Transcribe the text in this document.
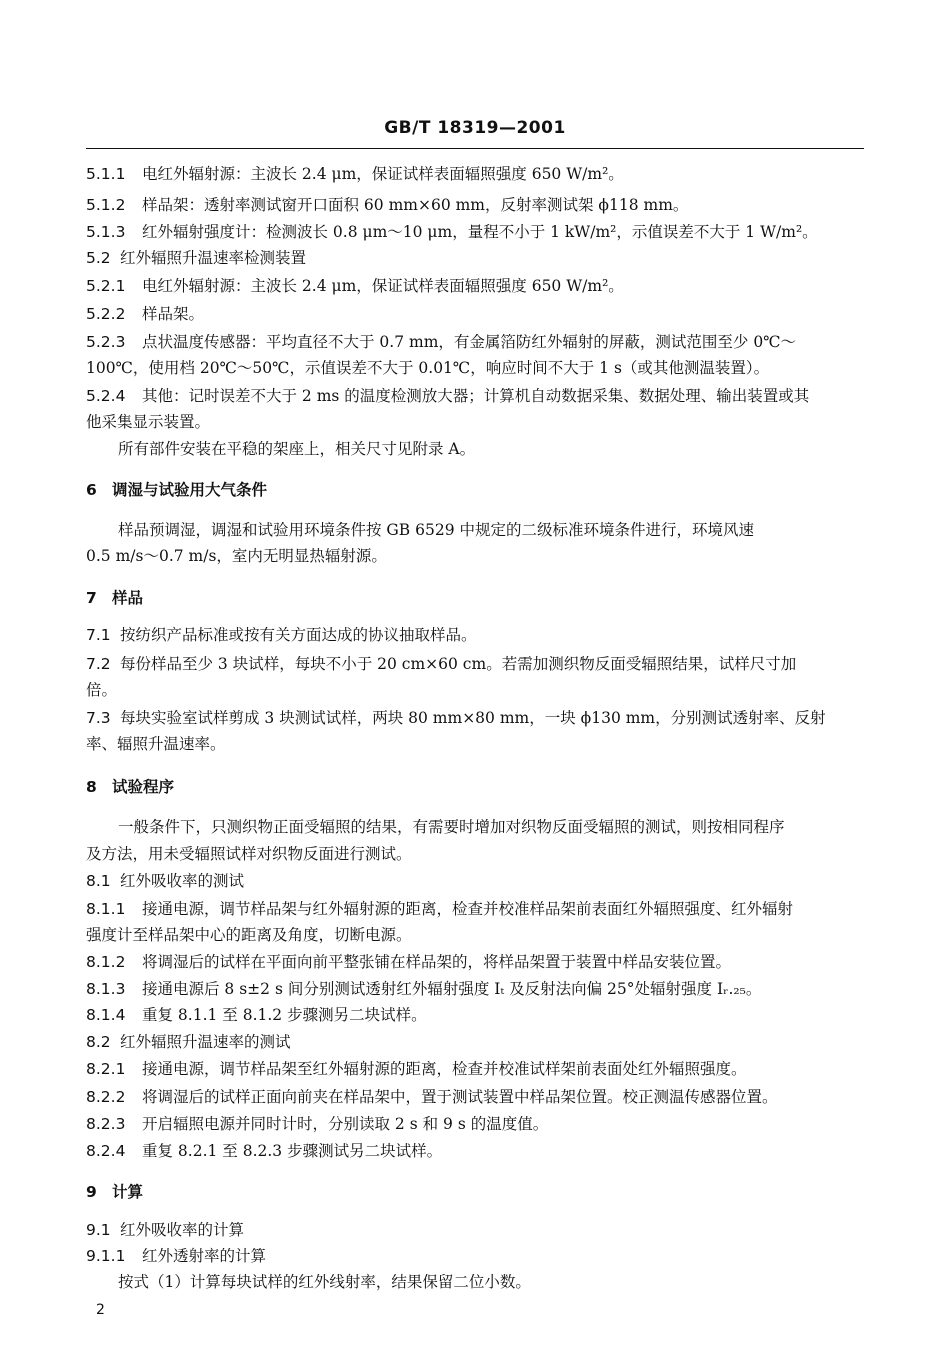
GB/T 18319—2001
5.1.1 电红外辐射源：主波长 2.4 μm，保证试样表面辐照强度 650 W/m²。
5.1.2 样品架：透射率测试窗开口面积 60 mm×60 mm，反射率测试架 ϕ118 mm。
5.1.3 红外辐射强度计：检测波长 0.8 μm～10 μm，量程不小于 1 kW/m²，示值误差不大于 1 W/m²。
5.2 红外辐照升温速率检测装置
5.2.1 电红外辐射源：主波长 2.4 μm，保证试样表面辐照强度 650 W/m²。
5.2.2 样品架。
5.2.3 点状温度传感器：平均直径不大于 0.7 mm，有金属箔防红外辐射的屏蔽，测试范围至少 0℃～
100℃，使用档 20℃～50℃，示值误差不大于 0.01℃，响应时间不大于 1 s（或其他测温装置）。
5.2.4 其他：记时误差不大于 2 ms 的温度检测放大器；计算机自动数据采集、数据处理、输出装置或其
他采集显示装置。
所有部件安装在平稳的架座上，相关尺寸见附录 A。
6 调湿与试验用大气条件
样品预调湿，调湿和试验用环境条件按 GB 6529 中规定的二级标准环境条件进行，环境风速
0.5 m/s～0.7 m/s，室内无明显热辐射源。
7 样品
7.1 按纺织产品标准或按有关方面达成的协议抽取样品。
7.2 每份样品至少 3 块试样，每块不小于 20 cm×60 cm。若需加测织物反面受辐照结果，试样尺寸加
倍。
7.3 每块实验室试样剪成 3 块测试试样，两块 80 mm×80 mm，一块 ϕ130 mm，分别测试透射率、反射
率、辐照升温速率。
8 试验程序
一般条件下，只测织物正面受辐照的结果，有需要时增加对织物反面受辐照的测试，则按相同程序
及方法，用未受辐照试样对织物反面进行测试。
8.1 红外吸收率的测试
8.1.1 接通电源，调节样品架与红外辐射源的距离，检查并校准样品架前表面红外辐照强度、红外辐射
强度计至样品架中心的距离及角度，切断电源。
8.1.2 将调湿后的试样在平面向前平整张铺在样品架的，将样品架置于装置中样品安装位置。
8.1.3 接通电源后 8 s±2 s 间分别测试透射红外辐射强度 Iₜ 及反射法向偏 25°处辐射强度 Iᵣ.₂₅。
8.1.4 重复 8.1.1 至 8.1.2 步骤测另二块试样。
8.2 红外辐照升温速率的测试
8.2.1 接通电源，调节样品架至红外辐射源的距离，检查并校准试样架前表面处红外辐照强度。
8.2.2 将调湿后的试样正面向前夹在样品架中，置于测试装置中样品架位置。校正测温传感器位置。
8.2.3 开启辐照电源并同时计时，分别读取 2 s 和 9 s 的温度值。
8.2.4 重复 8.2.1 至 8.2.3 步骤测试另二块试样。
9 计算
9.1 红外吸收率的计算
9.1.1 红外透射率的计算
按式（1）计算每块试样的红外线射率，结果保留二位小数。
2
